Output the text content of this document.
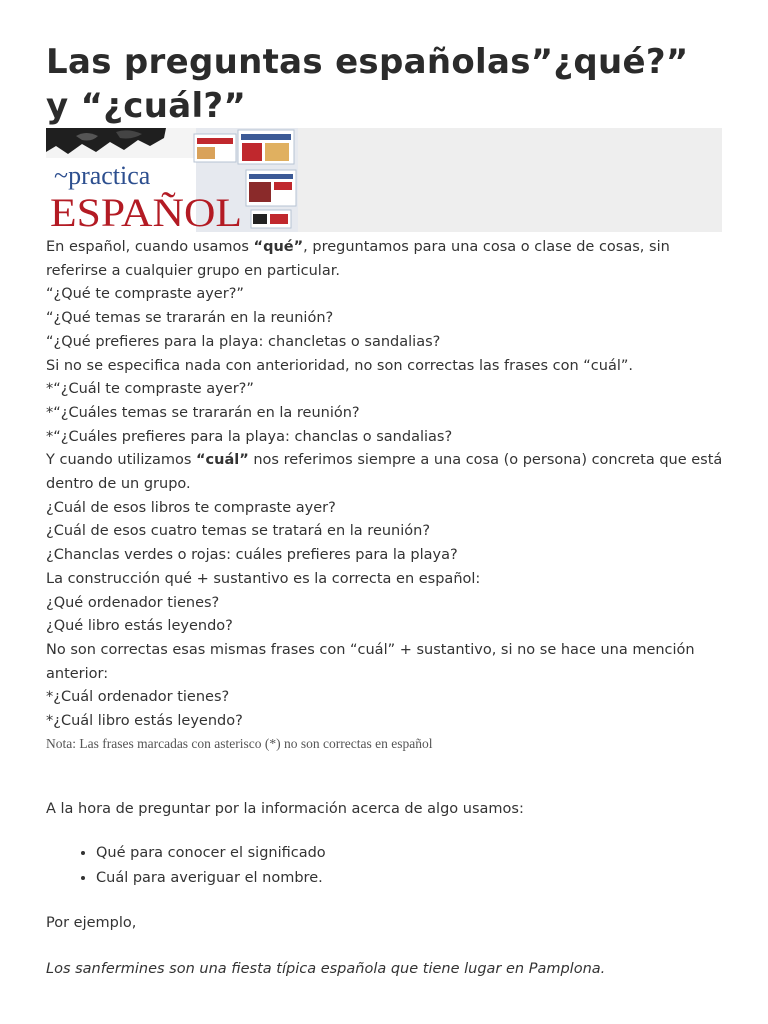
Las preguntas españolas”¿qué?”
y “¿cuál?”
~practica
ESPAÑOL

En español, cuando usamos “qué”, preguntamos para una cosa o clase de cosas, sin
referirse a cualquier grupo en particular.

“¿Qué te compraste ayer?”

“¿Qué temas se trararán en la reunión?

“¿Qué prefieres para la playa: chancletas o sandalias?

Si no se especifica nada con anterioridad, no son correctas las frases con “cuál”.

*“¿Cuál te compraste ayer?”

*“¿Cuáles temas se trararán en la reunión?

*“¿Cuáles prefieres para la playa: chanclas o sandalias?

Y cuando utilizamos “cuál” nos referimos siempre a una cosa (o persona) concreta que está
dentro de un grupo.

¿Cuál de esos libros te compraste ayer?

¿Cuál de esos cuatro temas se tratará en la reunión?

¿Chanclas verdes o rojas: cuáles prefieres para la playa?

La construcción qué + sustantivo es la correcta en español:

¿Qué ordenador tienes?

¿Qué libro estás leyendo?

No son correctas esas mismas frases con “cuál” + sustantivo, si no se hace una mención
anterior:

*¿Cuál ordenador tienes?

*¿Cuál libro estás leyendo?

Nota: Las frases marcadas con asterisco (*) no son correctas en español

A la hora de preguntar por la información acerca de algo usamos:

• Qué para conocer el significado
• Cuál para averiguar el nombre.

Por ejemplo,

Los sanfermines son una fiesta típica española que tiene lugar en Pamplona.
